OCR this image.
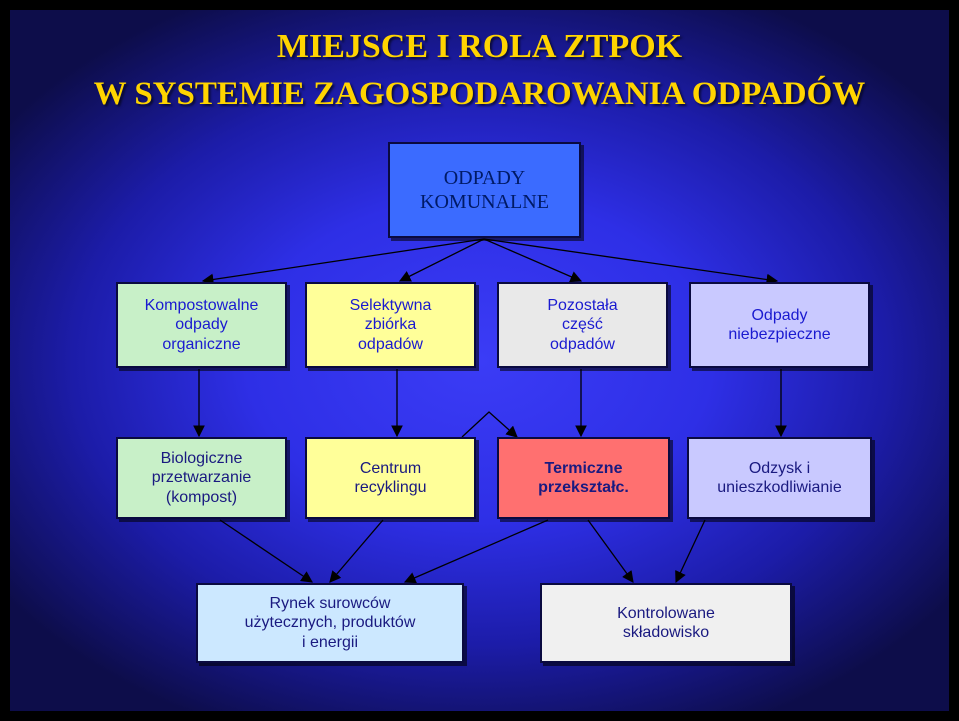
MIEJSCE I ROLA ZTPOK
W SYSTEMIE ZAGOSPODAROWANIA ODPADÓW
ODPADY
KOMUNALNE
Kompostowalne
odpady
organiczne
Selektywna
zbiórka
odpadów
Pozostała
część
odpadów
Odpady
niebezpieczne
Biologiczne
przetwarzanie
(kompost)
Centrum
recyklingu
Termiczne
przekształc.
Odzysk i
unieszkodliwianie
Rynek surowców
użytecznych, produktów
i energii
Kontrolowane
składowisko
